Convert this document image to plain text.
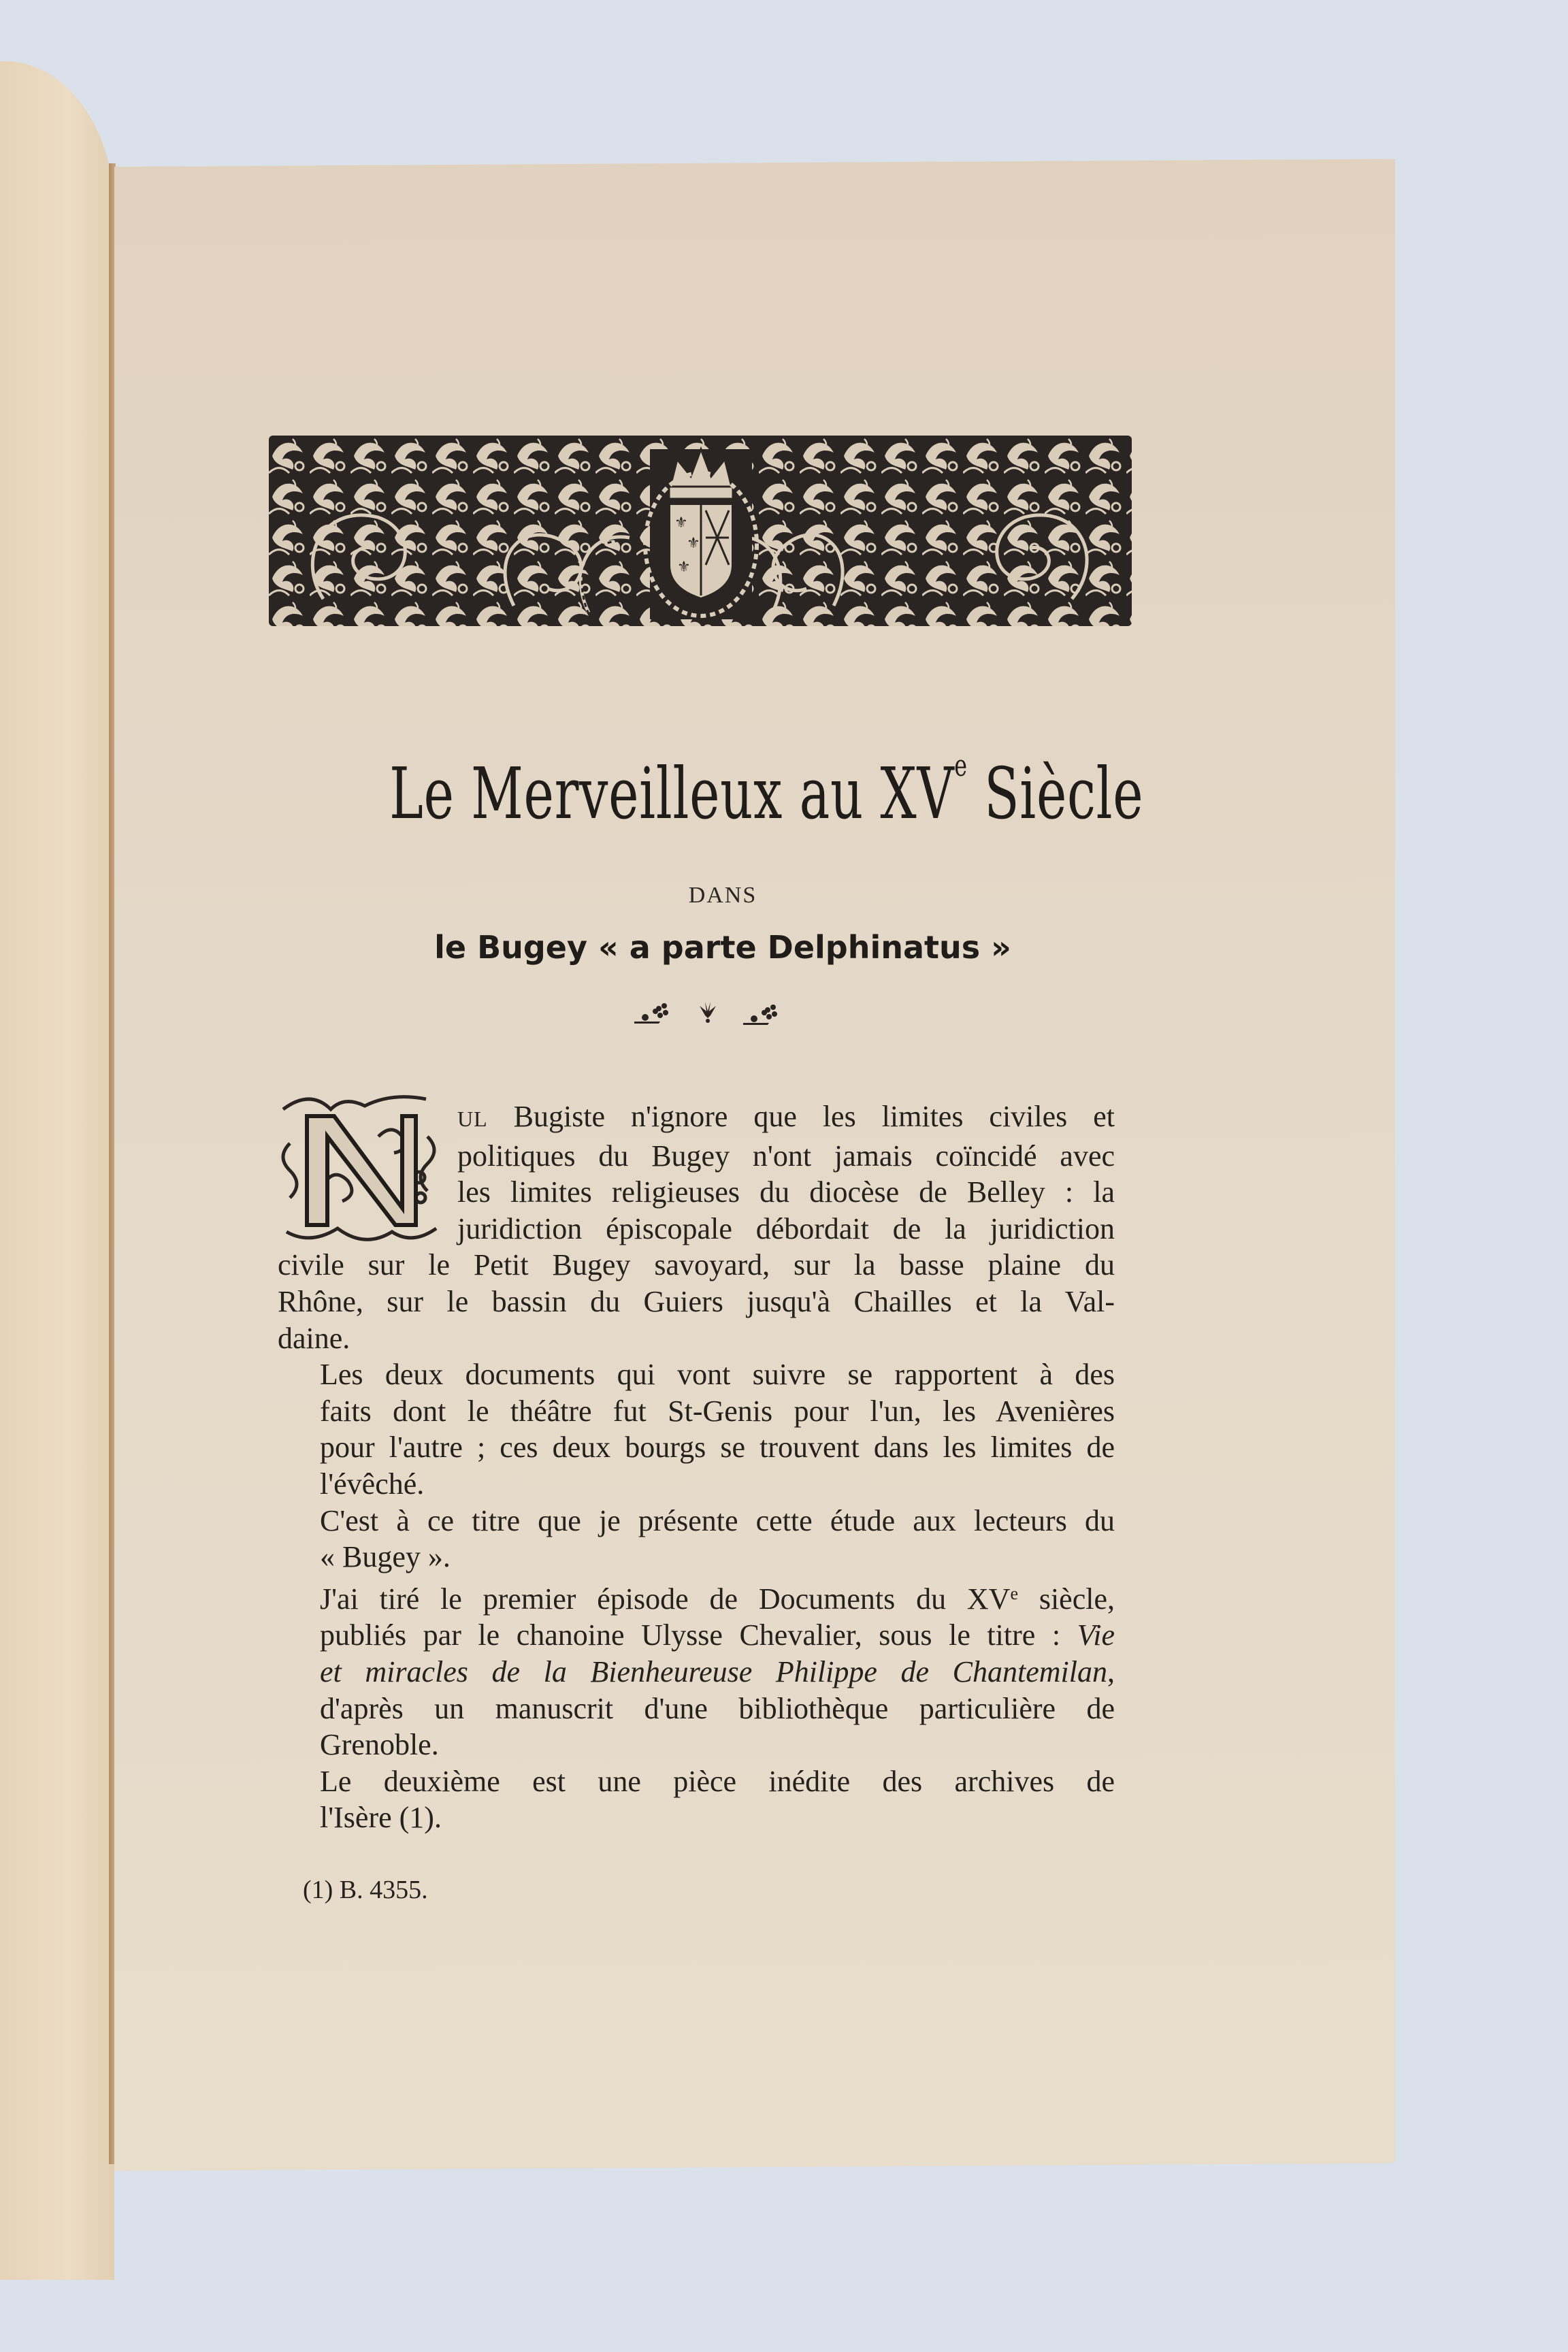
⚜
⚜
⚜
Le Merveilleux au XVe Siècle
DANS
le Bugey « a parte Delphinatus »

UL Bugiste n'ignore que les limites civiles et
politiques du Bugey n'ont jamais coïncidé avec
les limites religieuses du diocèse de Belley : la
juridiction épiscopale débordait de la juridiction
civile sur le Petit Bugey savoyard, sur la basse plaine du
Rhône, sur le bassin du Guiers jusqu'à Chailles et la Val-
daine.

Les deux documents qui vont suivre se rapportent à des
faits dont le théâtre fut St-Genis pour l'un, les Avenières
pour l'autre ; ces deux bourgs se trouvent dans les limites de
l'évêché.

C'est à ce titre que je présente cette étude aux lecteurs du
« Bugey ».

J'ai tiré le premier épisode de Documents du XVe siècle,
publiés par le chanoine Ulysse Chevalier, sous le titre : Vie
et miracles de la Bienheureuse Philippe de Chantemilan,
d'après un manuscrit d'une bibliothèque particulière de
Grenoble.

Le deuxième est une pièce inédite des archives de
l'Isère (1).

(1) B. 4355.
